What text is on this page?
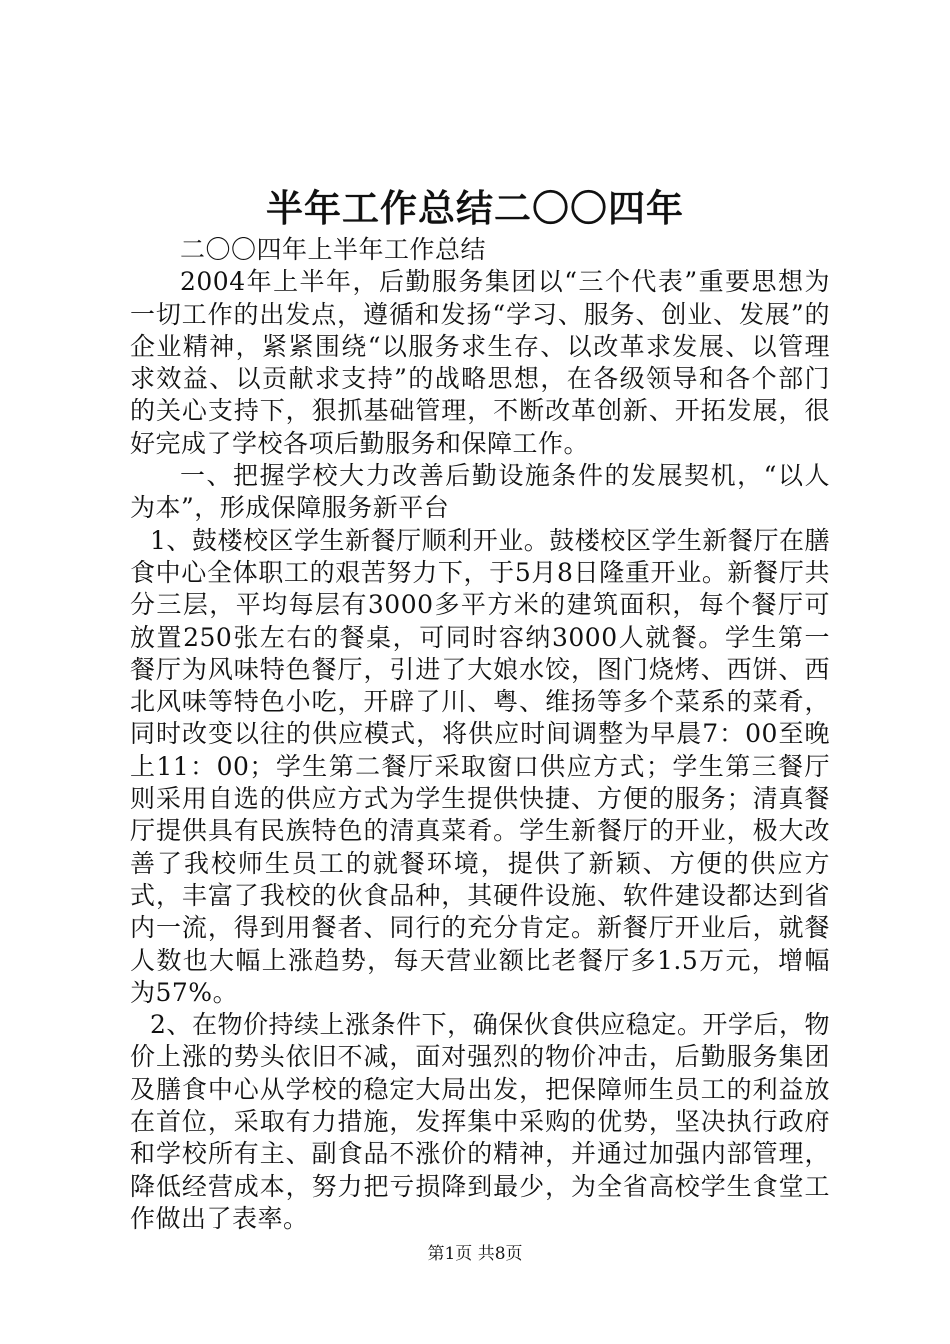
半年工作总结二〇〇四年

二〇〇四年上半年工作总结

2004年上半年，后勤服务集团以“三个代表”重要思想为一切工作的出发点，遵循和发扬“学习、服务、创业、发展”的企业精神，紧紧围绕“以服务求生存、以改革求发展、以管理求效益、以贡献求支持”的战略思想，在各级领导和各个部门的关心支持下，狠抓基础管理，不断改革创新、开拓发展，很好完成了学校各项后勤服务和保障工作。

一、把握学校大力改善后勤设施条件的发展契机，“以人为本”，形成保障服务新平台

1、鼓楼校区学生新餐厅顺利开业。鼓楼校区学生新餐厅在膳食中心全体职工的艰苦努力下，于5月8日隆重开业。新餐厅共分三层，平均每层有3000多平方米的建筑面积，每个餐厅可放置250张左右的餐桌，可同时容纳3000人就餐。学生第一餐厅为风味特色餐厅，引进了大娘水饺，图门烧烤、西饼、西北风味等特色小吃，开辟了川、粤、维扬等多个菜系的菜肴，同时改变以往的供应模式，将供应时间调整为早晨7：00至晚上11：00；学生第二餐厅采取窗口供应方式；学生第三餐厅则采用自选的供应方式为学生提供快捷、方便的服务；清真餐厅提供具有民族特色的清真菜肴。学生新餐厅的开业，极大改善了我校师生员工的就餐环境，提供了新颖、方便的供应方式，丰富了我校的伙食品种，其硬件设施、软件建设都达到省内一流，得到用餐者、同行的充分肯定。新餐厅开业后，就餐人数也大幅上涨趋势，每天营业额比老餐厅多1.5万元，增幅为57%。

2、在物价持续上涨条件下，确保伙食供应稳定。开学后，物价上涨的势头依旧不减，面对强烈的物价冲击，后勤服务集团及膳食中心从学校的稳定大局出发，把保障师生员工的利益放在首位，采取有力措施，发挥集中采购的优势，坚决执行政府和学校所有主、副食品不涨价的精神，并通过加强内部管理，降低经营成本，努力把亏损降到最少，为全省高校学生食堂工作做出了表率。

第1页 共8页
